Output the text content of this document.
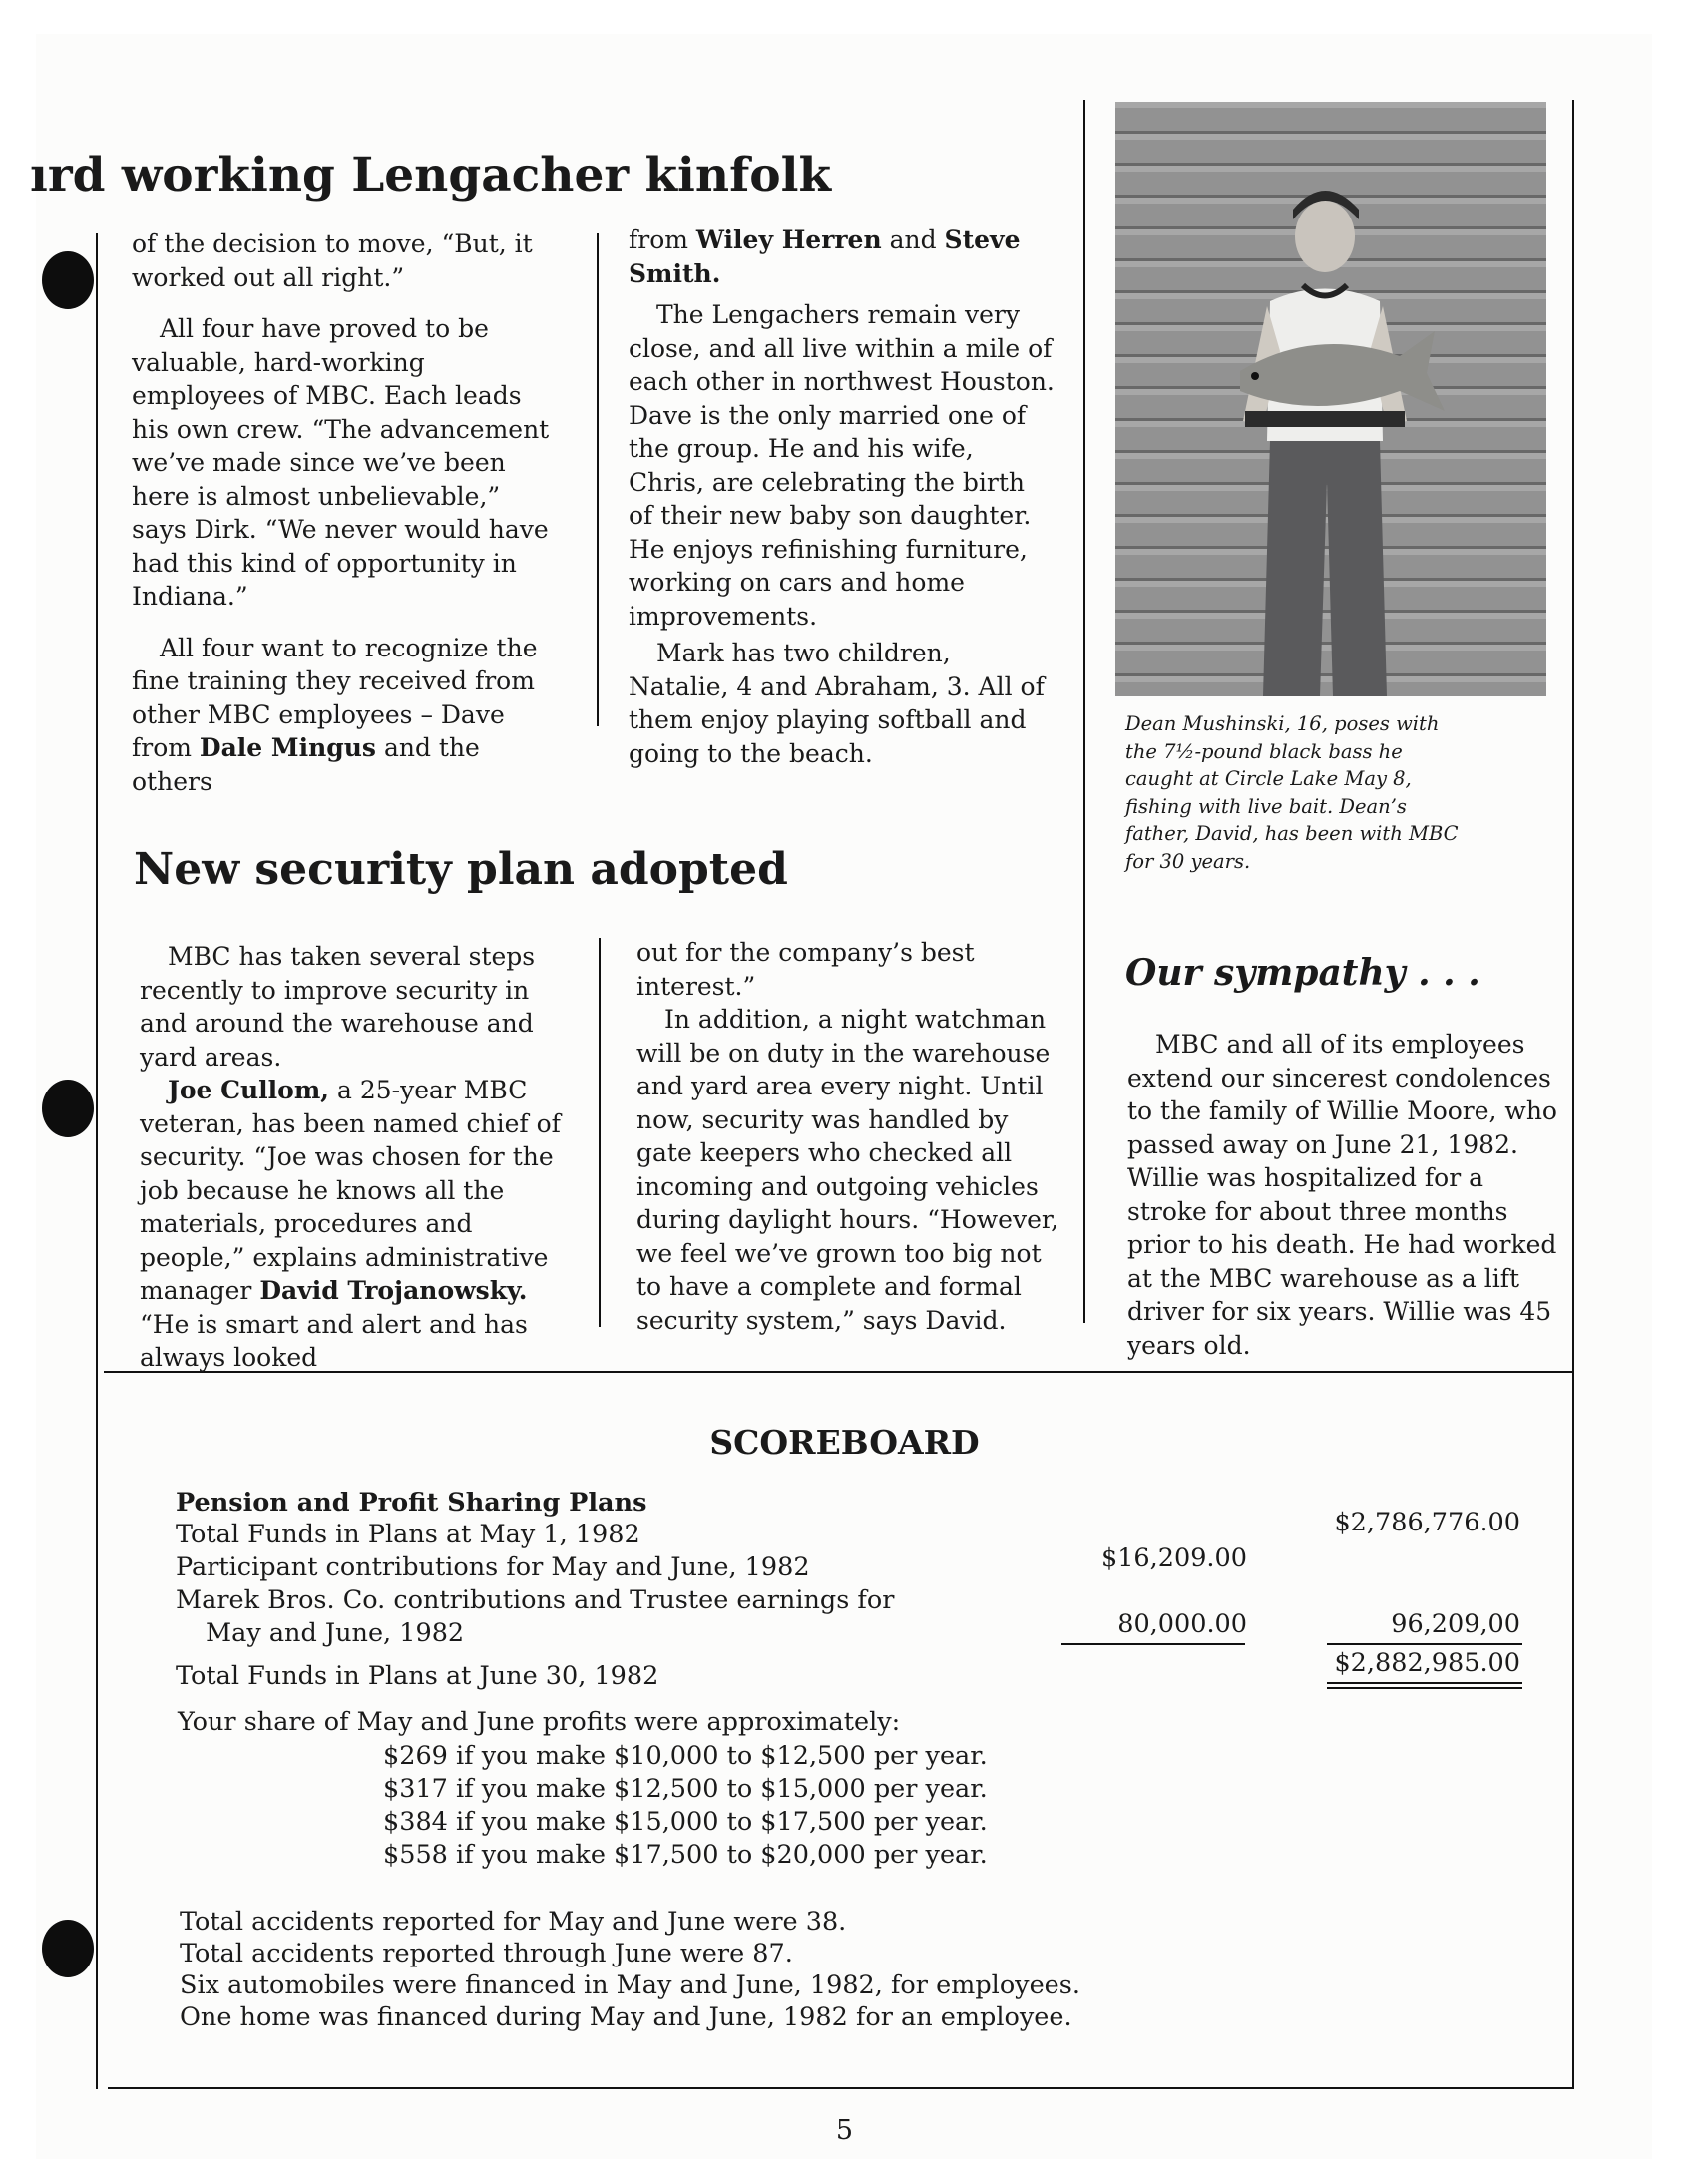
ırd working Lengacher kinfolk

of the decision to move, “But, it worked out all right.”

All four have proved to be valuable, hard-working employees of MBC. Each leads his own crew. “The advancement we’ve made since we’ve been here is almost unbelievable,” says Dirk. “We never would have had this kind of opportunity in Indiana.”

All four want to recognize the fine training they received from other MBC employees – Dave from Dale Mingus and the others

from Wiley Herren and Steve Smith.

The Lengachers remain very close, and all live within a mile of each other in northwest Houston. Dave is the only married one of the group. He and his wife, Chris, are celebrating the birth of their new baby son daughter. He enjoys refinishing furniture, working on cars and home improvements.

Mark has two children, Natalie, 4 and Abraham, 3. All of them enjoy playing softball and going to the beach.

Dean Mushinski, 16, poses with the 7½-pound black bass he caught at Circle Lake May 8, fishing with live bait. Dean’s father, David, has been with MBC for 30 years.

New security plan adopted

MBC has taken several steps recently to improve security in and around the warehouse and yard areas.

Joe Cullom, a 25-year MBC veteran, has been named chief of security. “Joe was chosen for the job because he knows all the materials, procedures and people,” explains administrative manager David Trojanowsky. “He is smart and alert and has always looked

out for the company’s best interest.”

In addition, a night watchman will be on duty in the warehouse and yard area every night. Until now, security was handled by gate keepers who checked all incoming and outgoing vehicles during daylight hours. “However, we feel we’ve grown too big not to have a complete and formal security system,” says David.

Our sympathy . . .

MBC and all of its employees extend our sincerest condolences to the family of Willie Moore, who passed away on June 21, 1982. Willie was hospitalized for a stroke for about three months prior to his death. He had worked at the MBC warehouse as a lift driver for six years. Willie was 45 years old.

SCOREBOARD

Pension and Profit Sharing Plans

Total Funds in Plans at May 1, 1982

Participant contributions for May and June, 1982

Marek Bros. Co. contributions and Trustee earnings for

May and June, 1982

Total Funds in Plans at June 30, 1982

$2,786,776.00
$16,209.00
80,000.00	96,209,00
$2,882,985.00

Your share of May and June profits were approximately:

$269 if you make $10,000 to $12,500 per year.

$317 if you make $12,500 to $15,000 per year.

$384 if you make $15,000 to $17,500 per year.

$558 if you make $17,500 to $20,000 per year.

Total accidents reported for May and June were 38.

Total accidents reported through June were 87.

Six automobiles were financed in May and June, 1982, for employees.

One home was financed during May and June, 1982 for an employee.

5
